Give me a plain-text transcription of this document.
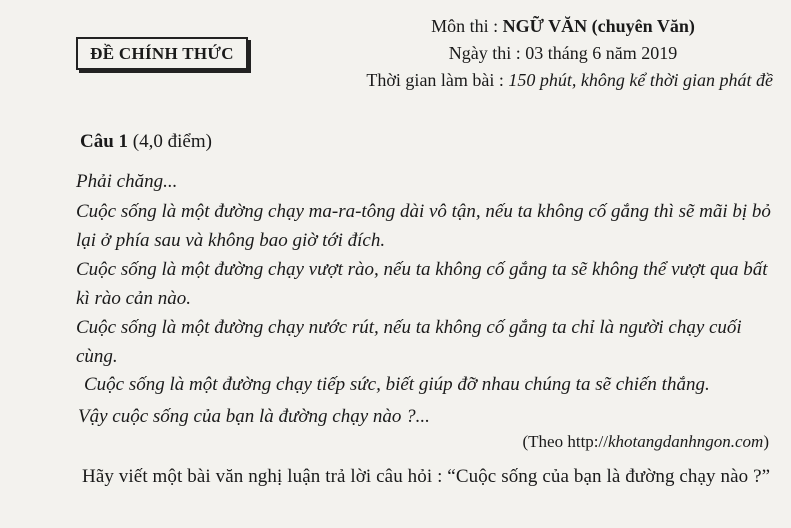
ĐỀ CHÍNH THỨC
Môn thi : NGỮ VĂN (chuyên Văn)
Ngày thi : 03 tháng 6 năm 2019
Thời gian làm bài : 150 phút, không kể thời gian phát đề
Câu 1 (4,0 điểm)
Phải chăng...
Cuộc sống là một đường chạy ma-ra-tông dài vô tận, nếu ta không cố gắng thì sẽ mãi bị bỏ lại ở phía sau và không bao giờ tới đích.
Cuộc sống là một đường chạy vượt rào, nếu ta không cố gắng ta sẽ không thể vượt qua bất kì rào cản nào.
Cuộc sống là một đường chạy nước rút, nếu ta không cố gắng ta chỉ là người chạy cuối cùng.
Cuộc sống là một đường chạy tiếp sức, biết giúp đỡ nhau chúng ta sẽ chiến thắng.
Vậy cuộc sống của bạn là đường chạy nào ?...
(Theo http://khotangdanhngon.com)
Hãy viết một bài văn nghị luận trả lời câu hỏi : “Cuộc sống của bạn là đường chạy nào ?”
